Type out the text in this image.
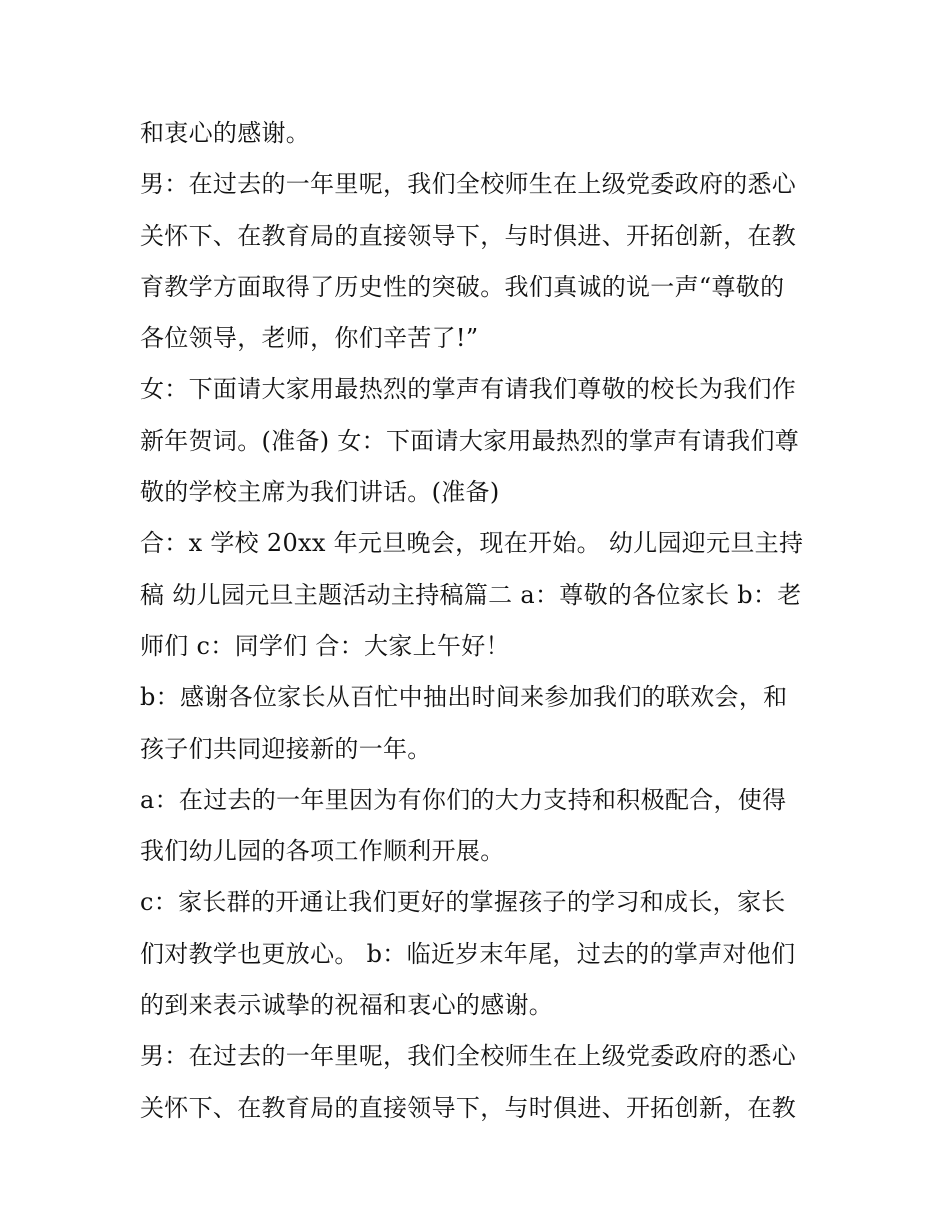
和衷心的感谢。
男：在过去的一年里呢，我们全校师生在上级党委政府的悉心
关怀下、在教育局的直接领导下，与时俱进、开拓创新，在教
育教学方面取得了历史性的突破。我们真诚的说一声“尊敬的
各位领导，老师，你们辛苦了!”
女：下面请大家用最热烈的掌声有请我们尊敬的校长为我们作
新年贺词。(准备) 女：下面请大家用最热烈的掌声有请我们尊
敬的学校主席为我们讲话。(准备)
合：x 学校 20xx 年元旦晚会，现在开始。 幼儿园迎元旦主持
稿 幼儿园元旦主题活动主持稿篇二 a：尊敬的各位家长 b：老
师们 c：同学们 合：大家上午好！
b：感谢各位家长从百忙中抽出时间来参加我们的联欢会，和
孩子们共同迎接新的一年。
a：在过去的一年里因为有你们的大力支持和积极配合，使得
我们幼儿园的各项工作顺利开展。
c：家长群的开通让我们更好的掌握孩子的学习和成长，家长
们对教学也更放心。 b：临近岁末年尾，过去的的掌声对他们
的到来表示诚挚的祝福和衷心的感谢。
男：在过去的一年里呢，我们全校师生在上级党委政府的悉心
关怀下、在教育局的直接领导下，与时俱进、开拓创新，在教
